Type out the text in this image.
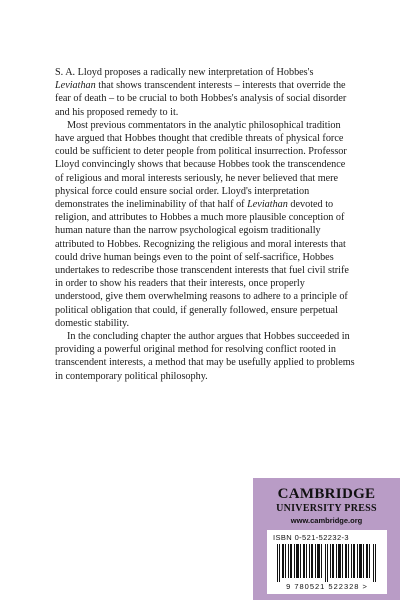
S. A. Lloyd proposes a radically new interpretation of Hobbes's Leviathan that shows transcendent interests – interests that override the fear of death – to be crucial to both Hobbes's analysis of social disorder and his proposed remedy to it.

Most previous commentators in the analytic philosophical tradition have argued that Hobbes thought that credible threats of physical force could be sufficient to deter people from political insurrection. Professor Lloyd convincingly shows that because Hobbes took the transcendence of religious and moral interests seriously, he never believed that mere physical force could ensure social order. Lloyd's interpretation demonstrates the ineliminability of that half of Leviathan devoted to religion, and attributes to Hobbes a much more plausible conception of human nature than the narrow psychological egoism traditionally attributed to Hobbes. Recognizing the religious and moral interests that could drive human beings even to the point of self-sacrifice, Hobbes undertakes to redescribe those transcendent interests that fuel civil strife in order to show his readers that their interests, once properly understood, give them overwhelming reasons to adhere to a principle of political obligation that could, if generally followed, ensure perpetual domestic stability.

In the concluding chapter the author argues that Hobbes succeeded in providing a powerful original method for resolving conflict rooted in transcendent interests, a method that may be usefully applied to problems in contemporary political philosophy.

CAMBRIDGE
UNIVERSITY PRESS
www.cambridge.org
ISBN 0-521-52232-3
9 780521 522328 >
